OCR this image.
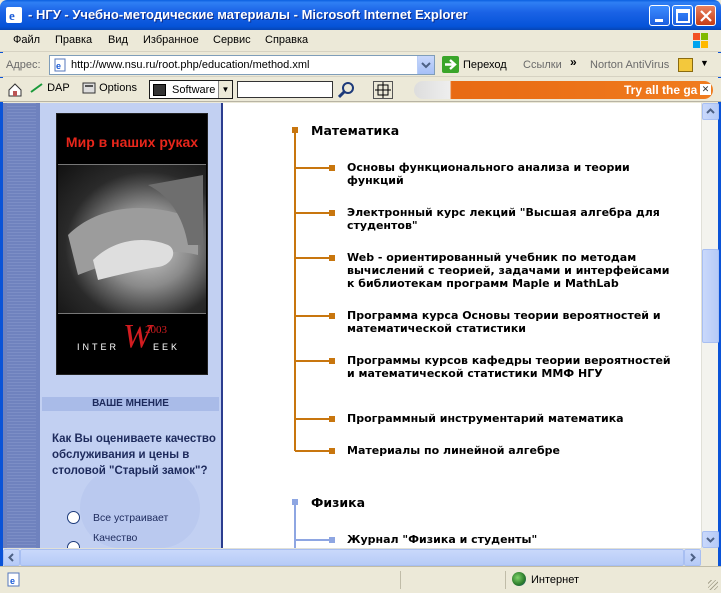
e - НГУ - Учебно-методические материалы - Microsoft Internet Explorer
Файл Правка Вид Избранное Сервис Справка
Адрес: e http://www.nsu.ru/root.php/education/method.xml	Переход Ссылки » Norton AntiVirus	▼
DAP	Options	Software ▼	Try all the ga ✕
Мир в наших руках
W
2003
INTER	EEK
ВАШЕ МНЕНИЕ
Как Вы оцениваете качество обслуживания и цены в столовой "Старый замок"?
Все устраивает
Качество
Математика
Основы функционального анализа и теории функций
Электронный курс лекций "Высшая алгебра для студентов"
Web - ориентированный учебник по методам вычислений с теорией, задачами и интерфейсами к библиотекам программ Maple и MathLab
Программа курса Основы теории вероятностей и математической статистики
Программы курсов кафедры теории вероятностей и математической статистики ММФ НГУ
Программный инструментарий математика
Материалы по линейной алгебре
Физика
Журнал "Физика и студенты"
e	Интернет
